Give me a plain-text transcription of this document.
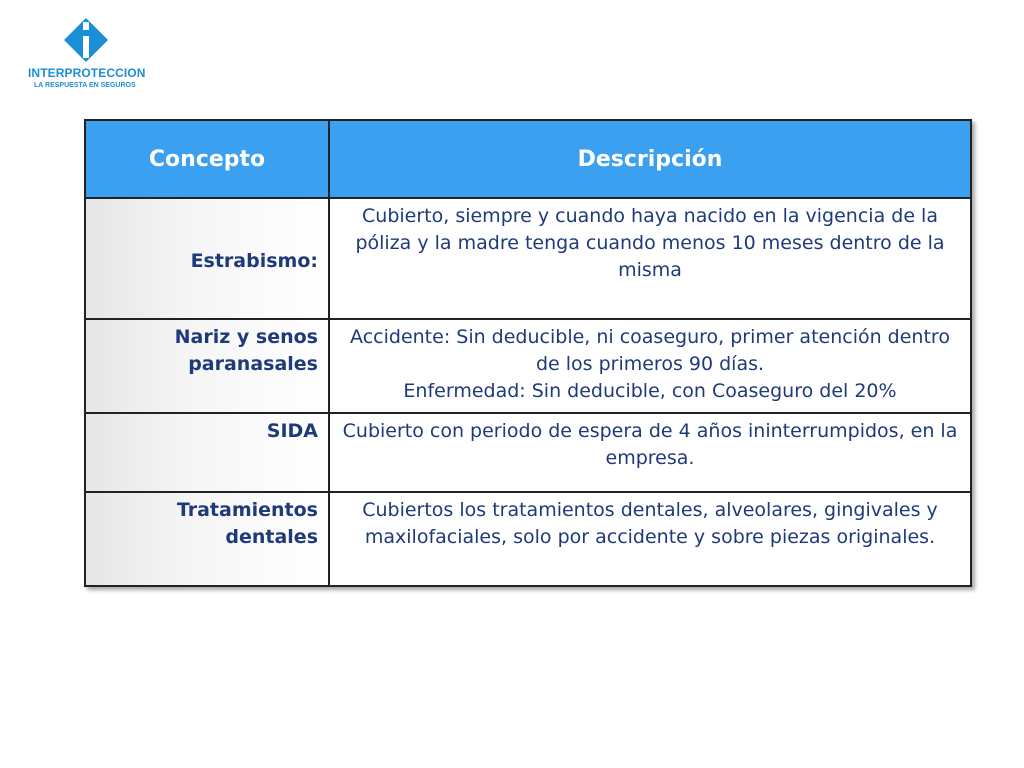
INTERPROTECCION
LA RESPUESTA EN SEGUROS
Concepto	Descripción
Estrabismo:	Cubierto, siempre y cuando haya nacido en la vigencia de la póliza y la madre tenga cuando menos 10 meses dentro de la misma

Nariz y senos paranasales	Accidente: Sin deducible, ni coaseguro, primer atención dentro de los primeros 90 días.
Enfermedad: Sin deducible, con Coaseguro del 20%

SIDA	Cubierto con periodo de espera de 4 años ininterrumpidos, en la empresa.

Tratamientos dentales	Cubiertos los tratamientos dentales, alveolares, gingivales y maxilofaciales, solo por accidente y sobre piezas originales.
